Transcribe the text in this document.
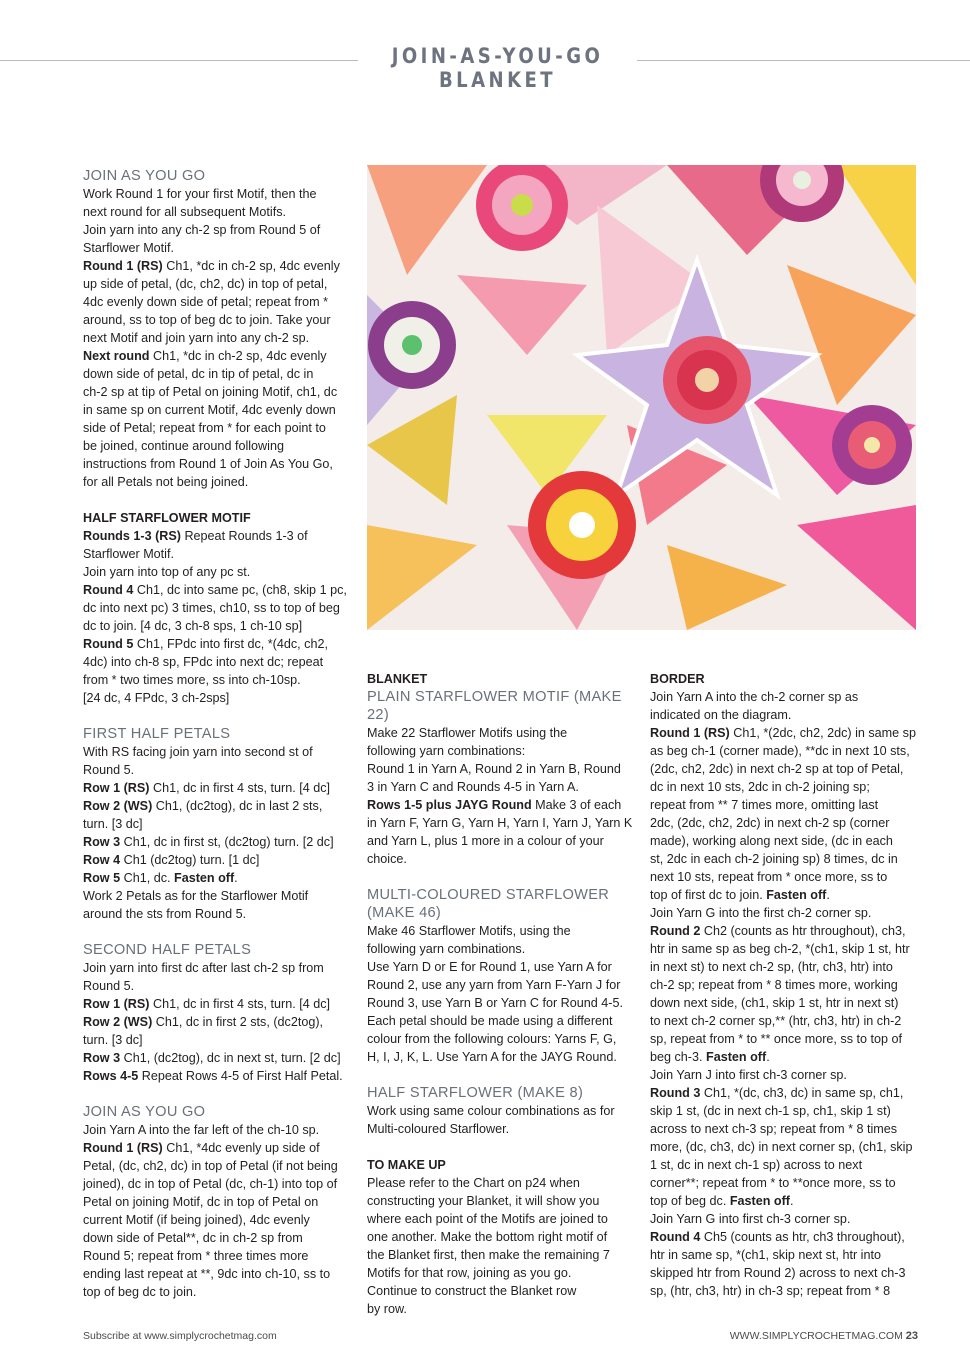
JOIN-AS-YOU-GO BLANKET

JOIN AS YOU GO

Work Round 1 for your first Motif, then the

next round for all subsequent Motifs.

Join yarn into any ch-2 sp from Round 5 of

Starflower Motif.

Round 1 (RS) Ch1, *dc in ch-2 sp, 4dc evenly

up side of petal, (dc, ch2, dc) in top of petal,

4dc evenly down side of petal; repeat from *

around, ss to top of beg dc to join. Take your

next Motif and join yarn into any ch-2 sp.

Next round Ch1, *dc in ch-2 sp, 4dc evenly

down side of petal, dc in tip of petal, dc in

ch-2 sp at tip of Petal on joining Motif, ch1, dc

in same sp on current Motif, 4dc evenly down

side of Petal; repeat from * for each point to

be joined, continue around following

instructions from Round 1 of Join As You Go,

for all Petals not being joined.

HALF STARFLOWER MOTIF

Rounds 1-3 (RS) Repeat Rounds 1-3 of

Starflower Motif.

Join yarn into top of any pc st.

Round 4 Ch1, dc into same pc, (ch8, skip 1 pc,

dc into next pc) 3 times, ch10, ss to top of beg

dc to join. [4 dc, 3 ch-8 sps, 1 ch-10 sp]

Round 5 Ch1, FPdc into first dc, *(4dc, ch2,

4dc) into ch-8 sp, FPdc into next dc; repeat

from * two times more, ss into ch-10sp.

[24 dc, 4 FPdc, 3 ch-2sps]

FIRST HALF PETALS

With RS facing join yarn into second st of

Round 5.

Row 1 (RS) Ch1, dc in first 4 sts, turn. [4 dc]

Row 2 (WS) Ch1, (dc2tog), dc in last 2 sts,

turn. [3 dc]

Row 3 Ch1, dc in first st, (dc2tog) turn. [2 dc]

Row 4 Ch1 (dc2tog) turn. [1 dc]

Row 5 Ch1, dc. Fasten off.

Work 2 Petals as for the Starflower Motif

around the sts from Round 5.

SECOND HALF PETALS

Join yarn into first dc after last ch-2 sp from

Round 5.

Row 1 (RS) Ch1, dc in first 4 sts, turn. [4 dc]

Row 2 (WS) Ch1, dc in first 2 sts, (dc2tog),

turn. [3 dc]

Row 3 Ch1, (dc2tog), dc in next st, turn. [2 dc]

Rows 4-5 Repeat Rows 4-5 of First Half Petal.

JOIN AS YOU GO

Join Yarn A into the far left of the ch-10 sp.

Round 1 (RS) Ch1, *4dc evenly up side of

Petal, (dc, ch2, dc) in top of Petal (if not being

joined), dc in top of Petal (dc, ch-1) into top of

Petal on joining Motif, dc in top of Petal on

current Motif (if being joined), 4dc evenly

down side of Petal**, dc in ch-2 sp from

Round 5; repeat from * three times more

ending last repeat at **, 9dc into ch-10, ss to

top of beg dc to join.

BLANKET

PLAIN STARFLOWER MOTIF (MAKE 22)

Make 22 Starflower Motifs using the

following yarn combinations:

Round 1 in Yarn A, Round 2 in Yarn B, Round

3 in Yarn C and Rounds 4-5 in Yarn A.

Rows 1-5 plus JAYG Round Make 3 of each

in Yarn F, Yarn G, Yarn H, Yarn I, Yarn J, Yarn K

and Yarn L, plus 1 more in a colour of your

choice.

MULTI-COLOURED STARFLOWER

(MAKE 46)

Make 46 Starflower Motifs, using the

following yarn combinations.

Use Yarn D or E for Round 1, use Yarn A for

Round 2, use any yarn from Yarn F-Yarn J for

Round 3, use Yarn B or Yarn C for Round 4-5.

Each petal should be made using a different

colour from the following colours: Yarns F, G,

H, I, J, K, L. Use Yarn A for the JAYG Round.

HALF STARFLOWER (MAKE 8)

Work using same colour combinations as for

Multi-coloured Starflower.

TO MAKE UP

Please refer to the Chart on p24 when

constructing your Blanket, it will show you

where each point of the Motifs are joined to

one another. Make the bottom right motif of

the Blanket first, then make the remaining 7

Motifs for that row, joining as you go.

Continue to construct the Blanket row

by row.

BORDER

Join Yarn A into the ch-2 corner sp as

indicated on the diagram.

Round 1 (RS) Ch1, *(2dc, ch2, 2dc) in same sp

as beg ch-1 (corner made), **dc in next 10 sts,

(2dc, ch2, 2dc) in next ch-2 sp at top of Petal,

dc in next 10 sts, 2dc in ch-2 joining sp;

repeat from ** 7 times more, omitting last

2dc, (2dc, ch2, 2dc) in next ch-2 sp (corner

made), working along next side, (dc in each

st, 2dc in each ch-2 joining sp) 8 times, dc in

next 10 sts, repeat from * once more, ss to

top of first dc to join. Fasten off.

Join Yarn G into the first ch-2 corner sp.

Round 2 Ch2 (counts as htr throughout), ch3,

htr in same sp as beg ch-2, *(ch1, skip 1 st, htr

in next st) to next ch-2 sp, (htr, ch3, htr) into

ch-2 sp; repeat from * 8 times more, working

down next side, (ch1, skip 1 st, htr in next st)

to next ch-2 corner sp,** (htr, ch3, htr) in ch-2

sp, repeat from * to ** once more, ss to top of

beg ch-3. Fasten off.

Join Yarn J into first ch-3 corner sp.

Round 3 Ch1, *(dc, ch3, dc) in same sp, ch1,

skip 1 st, (dc in next ch-1 sp, ch1, skip 1 st)

across to next ch-3 sp; repeat from * 8 times

more, (dc, ch3, dc) in next corner sp, (ch1, skip

1 st, dc in next ch-1 sp) across to next

corner**; repeat from * to **once more, ss to

top of beg dc. Fasten off.

Join Yarn G into first ch-3 corner sp.

Round 4 Ch5 (counts as htr, ch3 throughout),

htr in same sp, *(ch1, skip next st, htr into

skipped htr from Round 2) across to next ch-3

sp, (htr, ch3, htr) in ch-3 sp; repeat from * 8

Subscribe at www.simplycrochetmag.com	WWW.SIMPLYCROCHETMAG.COM 23
